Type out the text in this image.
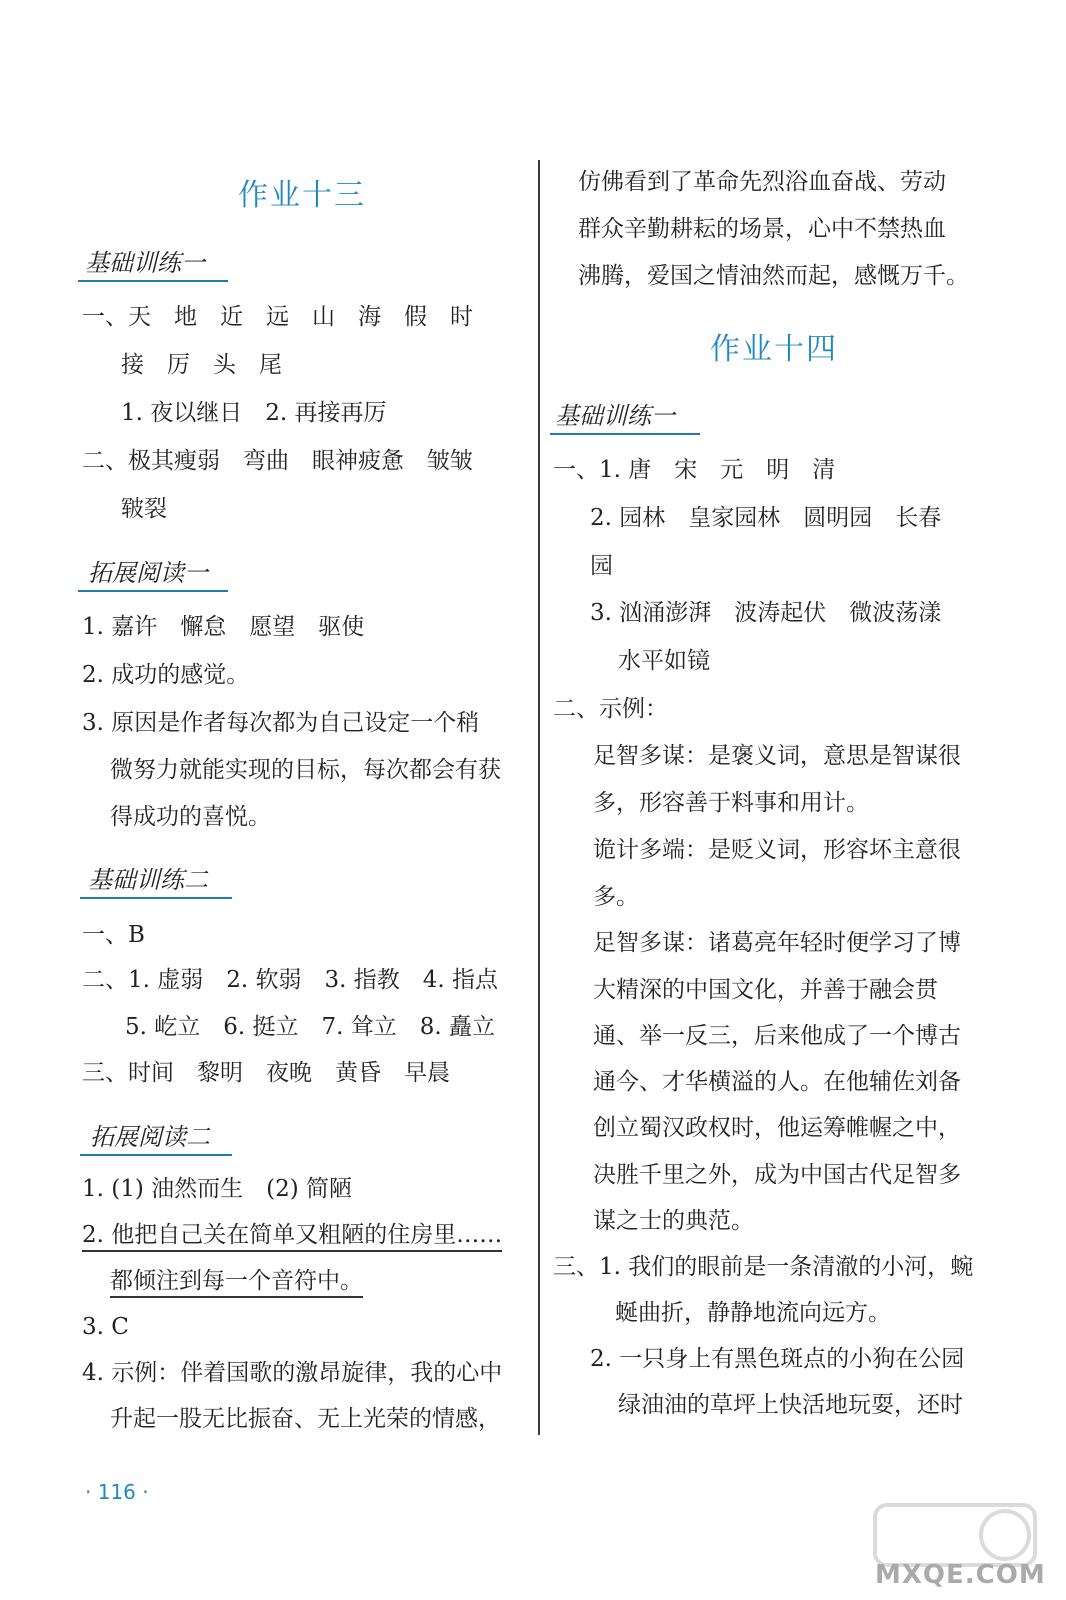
作业十三
基础训练一
一、天　地　近　远　山　海　假　时
接　厉　头　尾
1. 夜以继日　2. 再接再厉
二、极其瘦弱　弯曲　眼神疲惫　皱皱
皲裂
拓展阅读一
1. 嘉许　懈怠　愿望　驱使
2. 成功的感觉。
3. 原因是作者每次都为自己设定一个稍
微努力就能实现的目标，每次都会有获
得成功的喜悦。
基础训练二
一、B
二、1. 虚弱　2. 软弱　3. 指教　4. 指点
5. 屹立　6. 挺立　7. 耸立　8. 矗立
三、时间　黎明　夜晚　黄昏　早晨
拓展阅读二
1. (1) 油然而生　(2) 简陋
2. 他把自己关在简单又粗陋的住房里……
都倾注到每一个音符中。
3. C
4. 示例：伴着国歌的激昂旋律，我的心中
升起一股无比振奋、无上光荣的情感，
仿佛看到了革命先烈浴血奋战、劳动
群众辛勤耕耘的场景，心中不禁热血
沸腾，爱国之情油然而起，感慨万千。
作业十四
基础训练一
一、1. 唐　宋　元　明　清
2. 园林　皇家园林　圆明园　长春
园
3. 汹涌澎湃　波涛起伏　微波荡漾
水平如镜
二、示例：
足智多谋：是褒义词，意思是智谋很
多，形容善于料事和用计。
诡计多端：是贬义词，形容坏主意很
多。
足智多谋：诸葛亮年轻时便学习了博
大精深的中国文化，并善于融会贯
通、举一反三，后来他成了一个博古
通今、才华横溢的人。在他辅佐刘备
创立蜀汉政权时，他运筹帷幄之中，
决胜千里之外，成为中国古代足智多
谋之士的典范。
三、1. 我们的眼前是一条清澈的小河，蜿
蜒曲折，静静地流向远方。
2. 一只身上有黑色斑点的小狗在公园
绿油油的草坪上快活地玩耍，还时
· 116 ·
MXQE.COM
